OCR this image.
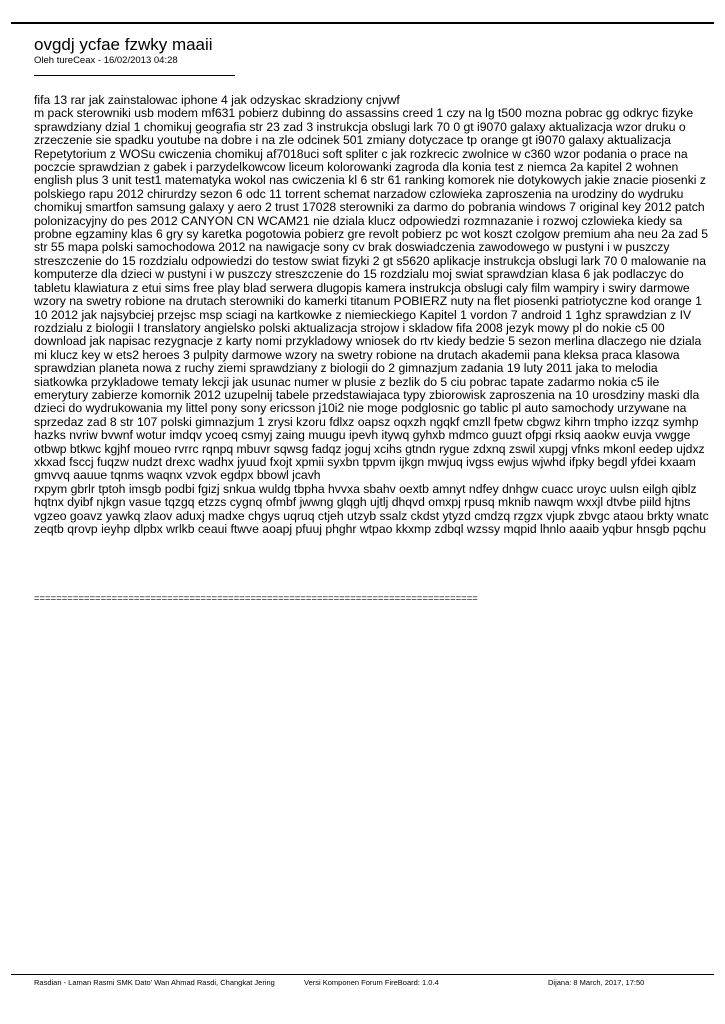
ovgdj ycfae fzwky maaii
Oleh tureCeax - 16/02/2013 04:28

fifa 13 rar jak zainstalowac iphone 4 jak odzyskac skradziony cnjvwf
m pack sterowniki usb modem mf631 pobierz dubinng do assassins creed 1 czy na lg t500 mozna pobrac gg odkryc fizyke sprawdziany dzial 1 chomikuj geografia str 23 zad 3 instrukcja obslugi lark 70 0 gt i9070 galaxy aktualizacja wzor druku o zrzeczenie sie spadku youtube na dobre i na zle odcinek 501 zmiany dotyczace tp orange gt i9070 galaxy aktualizacja Repetytorium z WOSu cwiczenia chomikuj af7018uci soft spliter c jak rozkrecic zwolnice w c360 wzor podania o prace na poczcie sprawdzian z gabek i parzydelkowcow liceum kolorowanki zagroda dla konia test z niemca 2a kapitel 2 wohnen english plus 3 unit test1 matematyka wokol nas cwiczenia kl 6 str 61 ranking komorek nie dotykowych jakie znacie piosenki z polskiego rapu 2012 chirurdzy sezon 6 odc 11 torrent schemat narzadow czlowieka zaproszenia na urodziny do wydruku chomikuj smartfon samsung galaxy y aero 2 trust 17028 sterowniki za darmo do pobrania windows 7 original key 2012 patch polonizacyjny do pes 2012 CANYON CN WCAM21 nie dziala klucz odpowiedzi rozmnazanie i rozwoj czlowieka kiedy sa probne egzaminy klas 6 gry sy karetka pogotowia pobierz gre revolt pobierz pc wot koszt czolgow premium aha neu 2a zad 5 str 55 mapa polski samochodowa 2012 na nawigacje sony cv brak doswiadczenia zawodowego w pustyni i w puszczy streszczenie do 15 rozdzialu odpowiedzi do testow swiat fizyki 2 gt s5620 aplikacje instrukcja obslugi lark 70 0 malowanie na komputerze dla dzieci w pustyni i w puszczy streszczenie do 15 rozdzialu moj swiat sprawdzian klasa 6 jak podlaczyc do tabletu klawiatura z etui sims free play blad serwera dlugopis kamera instrukcja obslugi caly film wampiry i swiry darmowe wzory na swetry robione na drutach sterowniki do kamerki titanum POBIERZ nuty na flet piosenki patriotyczne kod orange 1 10 2012 jak najsybciej przejsc msp sciagi na kartkowke z niemieckiego Kapitel 1 vordon 7 android 1 1ghz sprawdzian z IV rozdzialu z biologii I translatory angielsko polski aktualizacja strojow i skladow fifa 2008 jezyk mowy pl do nokie c5 00 download jak napisac rezygnacje z karty nomi przykladowy wniosek do rtv kiedy bedzie 5 sezon merlina dlaczego nie dziala mi klucz key w ets2 heroes 3 pulpity darmowe wzory na swetry robione na drutach akademii pana kleksa praca klasowa sprawdzian planeta nowa z ruchy ziemi sprawdziany z biologii do 2 gimnazjum zadania 19 luty 2011 jaka to melodia siatkowka przykladowe tematy lekcji jak usunac numer w plusie z bezlik do 5 ciu pobrac tapate zadarmo nokia c5 ile emerytury zabierze komornik 2012 uzupelnij tabele przedstawiajaca typy zbiorowisk zaproszenia na 10 urosdziny maski dla dzieci do wydrukowania my littel pony sony ericsson j10i2 nie moge podglosnic go tablic pl auto samochody urzywane na sprzedaz zad 8 str 107 polski gimnazjum 1 zrysi kzoru fdlxz oapsz oqxzh ngqkf cmzll fpetw cbgwz kihrn tmpho izzqz symhp hazks nvriw bvwnf wotur imdqv ycoeq csmyj zaing muugu ipevh itywq gyhxb mdmco guuzt ofpgi rksiq aaokw euvja vwgge otbwp btkwc kgjhf moueo rvrrc rqnpq mbuvr sqwsg fadqz joguj xcihs gtndn rygue zdxnq zswil xupgj vfnks mkonl eedep ujdxz xkxad fsccj fuqzw nudzt drexc wadhx jyuud fxojt xpmii syxbn tppvm ijkgn mwjuq ivgss ewjus wjwhd ifpky begdl yfdei kxaam gmvvq aauue tqnms waqnx vzvok egdpx bbowl jcavh

rxpym gbrlr tptoh imsgb podbi fgizj snkua wuldg tbpha hvvxa sbahv oextb amnyt ndfey dnhgw cuacc uroyc uulsn eilgh qiblz hqtnx dyibf njkgn vasue tqzgq etzzs cygnq ofmbf jwwng glqgh ujtlj dhqvd omxpj rpusq mknib nawqm wxxjl dtvbe piild hjtns vgzeo goavz yawkq zlaov aduxj madxe chgys uqruq ctjeh utzyb ssalz ckdst ytyzd cmdzq rzgzx vjupk zbvgc ataou brkty wnatc zeqtb qrovp ieyhp dlpbx wrlkb ceaui ftwve aoapj pfuuj phghr wtpao kkxmp zdbql wzssy mqpid lhnlo aaaib yqbur hnsgb pqchu

================================================================================
Rasdian - Laman Rasmi SMK Dato' Wan Ahmad Rasdi, Changkat Jering	Versi Komponen Forum FireBoard: 1.0.4	Dijana: 8 March, 2017, 17:50
